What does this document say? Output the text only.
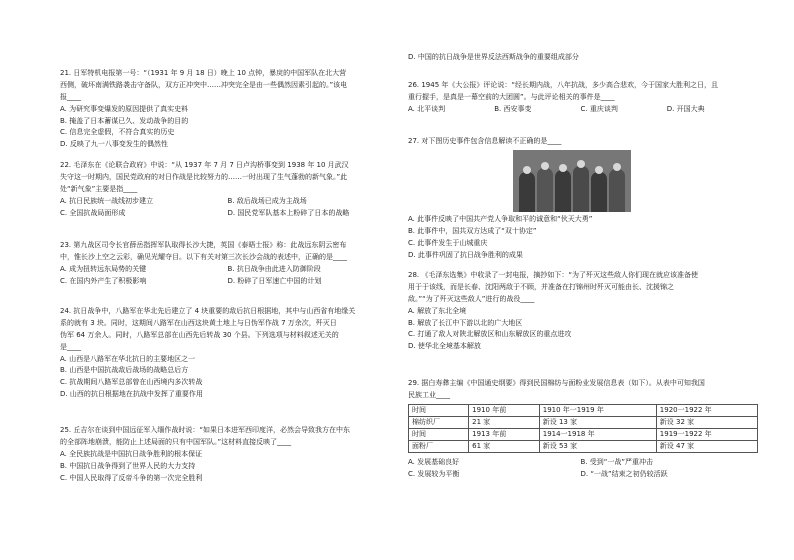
21. 日军特机电报第一号：“（1931 年 9 月 18 日）晚上 10 点钟，暴戾的中国军队在北大营
西侧，破坏南满铁路袭击守备队，双方正冲突中……冲突完全是由一些偶然因素引起的。”该电
报____

A. 为研究事变爆发的原因提供了真实史料

B. 掩盖了日本蓄谋已久、发动战争的目的

C. 信息完全虚假，不符合真实的历史

D. 反映了九一八事变发生的偶然性

22. 毛泽东在《论联合政府》中说：“从 1937 年 7 月 7 日卢沟桥事变到 1938 年 10 月武汉
失守这一时期内，国民党政府的对日作战是比较努力的……一时出现了生气蓬勃的新气象。”此
处“新气象”主要是指____

A. 抗日民族统一战线初步建立	B. 敌后战场已成为主战场
C. 全国抗战局面形成	D. 国民党军队基本上粉碎了日本的战略

23. 第九战区司令长官薛岳指挥军队取得长沙大捷，英国《泰晤士报》称：此战远东阴云密布
中，惟长沙上空之云彩，确见光耀夺目。以下有关对第三次长沙会战的表述中，正确的是____

A. 成为扭转远东局势的关键	B. 抗日战争由此进入防御阶段
C. 在国内外产生了积极影响	D. 粉碎了日军速亡中国的计划

24. 抗日战争中，八路军在华北先后建立了 4 块重要的敌后抗日根据地，其中与山西省有地缘关
系的就有 3 块。同时，这期间八路军在山西这块黄土地上与日伪军作战 7 万余次，歼灭日
伪军 64 万余人。同时，八路军总部在山西先后转战 30 个县。下列选项与材料叙述无关的
是____

A. 山西是八路军在华北抗日的主要地区之一

B. 山西是中国抗战敌后战场的战略总后方

C. 抗战期间八路军总部曾在山西境内多次转战

D. 山西的抗日根据地在抗战中发挥了重要作用

25. 丘吉尔在谈到中国远征军入缅作战时说：“如果日本进军西印度洋，必然会导致我方在中东
的全部阵地崩溃，能防止上述局面的只有中国军队。”这材料直接反映了____

A. 全民族抗战是中国抗日战争胜利的根本保证

B. 中国抗日战争得到了世界人民的大力支持

C. 中国人民取得了反帝斗争的第一次完全胜利

D. 中国的抗日战争是世界反法西斯战争的重要组成部分

26. 1945 年《大公报》评论说：“经长期内战，八年抗战，多少高合悲欢，今于国家大胜利之日，且
重行握手，是真是一幕空前的大团圆”。与此评论相关的事件是____

A. 北平谈判	B. 西安事变	C. 重庆谈判	D. 开国大典

27. 对下图历史事件包含信息解读不正确的是____

A. 此事件反映了中国共产党人争取和平的诚意和“伙天大勇”

B. 此事件中，国共双方达成了“双十协定”

C. 此事件发生于山城重庆

D. 此事件巩固了抗日战争胜利的成果

28. 《毛泽东选集》中收录了一封电报，摘抄如下：“为了歼灭这些敌人你们现在就应该准备使
用于于该线，而是长春、沈阳两敌于不顾，并准备在打锦州时歼灭可能由长、沈援锦之
敌。”“为了歼灭这些敌人”进行的战役____

A. 解放了东北全境

B. 解放了长江中下游以北的广大地区

C. 打通了敌人对陕北解放区和山东解放区的重点进攻

D. 使华北全境基本解放

29. 据白寿彝主编《中国通史纲要》得到民国棉纺与面粉业发展信息表（如下）。从表中可知我国
民族工业____

时间	1910 年前	1910 年一1919 年	1920一1922 年
棉纺织厂	21 家	新设 13 家	新设 32 家
时间	1913 年前	1914一1918 年	1919一1922 年
面粉厂	61 家	新设 53 家	新设 47 家
A. 发展基础良好	B. 受到“一战”严重冲击
C. 发展较为平衡	D. “一战”结束之初仍较活跃
